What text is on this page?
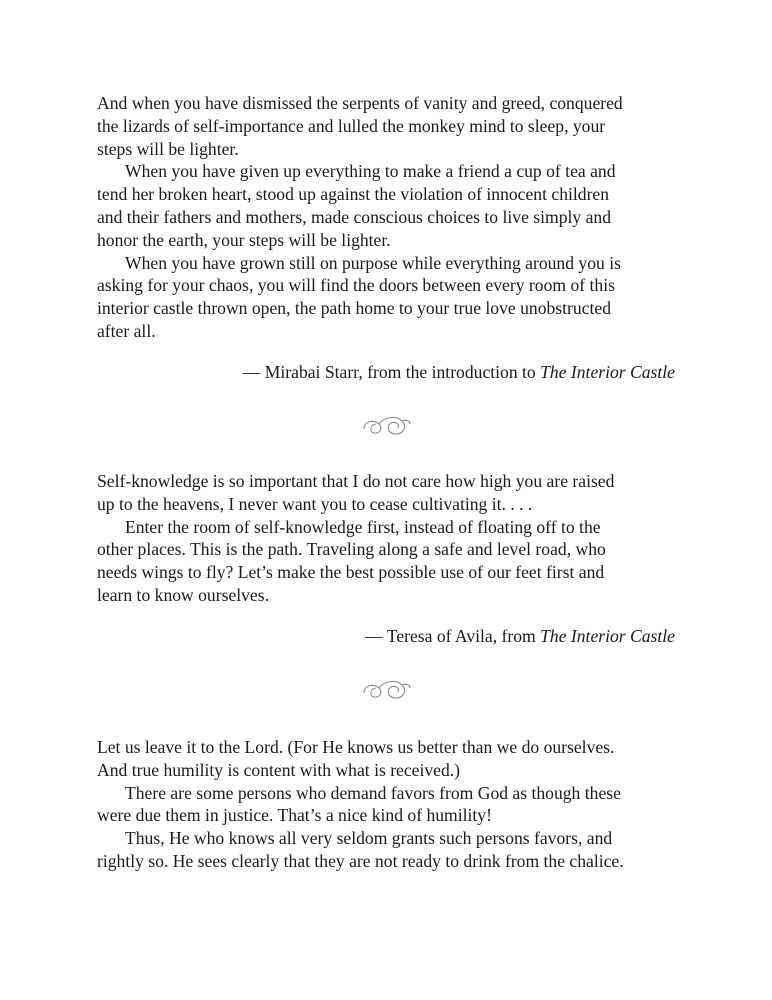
And when you have dismissed the serpents of vanity and greed, conquered
the lizards of self-importance and lulled the monkey mind to sleep, your
steps will be lighter.

When you have given up everything to make a friend a cup of tea and
tend her broken heart, stood up against the violation of innocent children
and their fathers and mothers, made conscious choices to live simply and
honor the earth, your steps will be lighter.

When you have grown still on purpose while everything around you is
asking for your chaos, you will find the doors between every room of this
interior castle thrown open, the path home to your true love unobstructed
after all.

— Mirabai Starr, from the introduction to The Interior Castle

Self-knowledge is so important that I do not care how high you are raised
up to the heavens, I never want you to cease cultivating it. . . .

Enter the room of self-knowledge first, instead of floating off to the
other places. This is the path. Traveling along a safe and level road, who
needs wings to fly? Let’s make the best possible use of our feet first and
learn to know ourselves.

— Teresa of Avila, from The Interior Castle

Let us leave it to the Lord. (For He knows us better than we do ourselves.
And true humility is content with what is received.)

There are some persons who demand favors from God as though these
were due them in justice. That’s a nice kind of humility!

Thus, He who knows all very seldom grants such persons favors, and
rightly so. He sees clearly that they are not ready to drink from the chalice.
